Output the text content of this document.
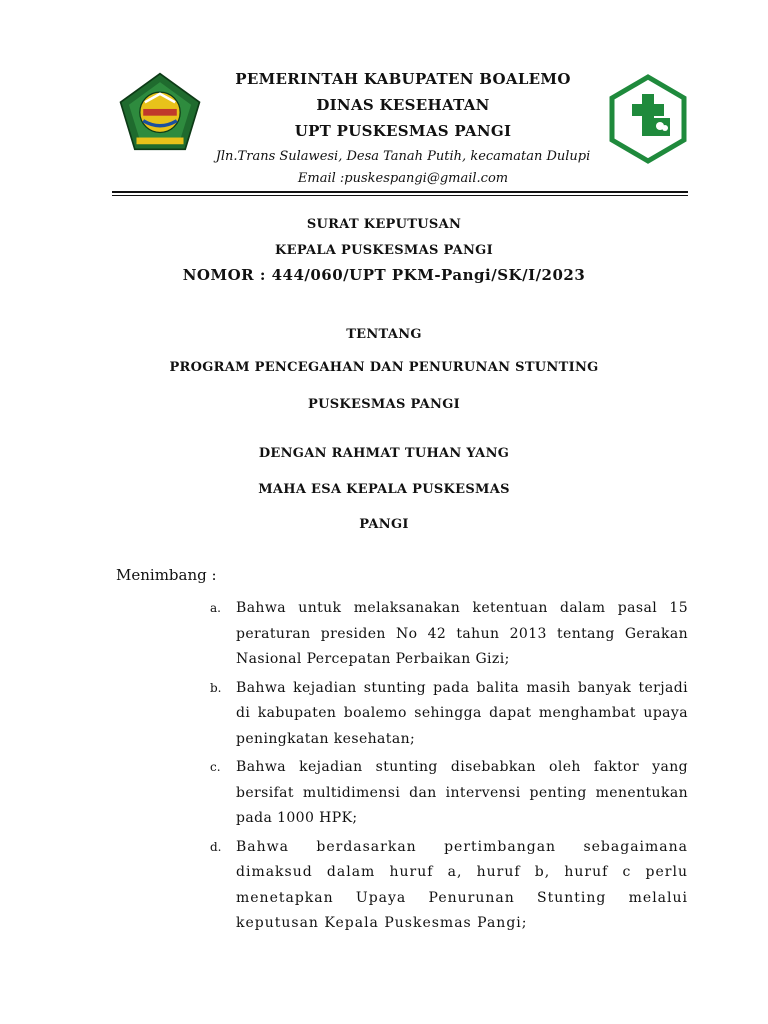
PEMERINTAH KABUPATEN BOALEMO
DINAS KESEHATAN
UPT PUSKESMAS PANGI
Jln.Trans Sulawesi, Desa Tanah Putih, kecamatan Dulupi
Email :puskespangi@gmail.com
SURAT KEPUTUSAN
KEPALA PUSKESMAS PANGI
NOMOR : 444/060/UPT PKM-Pangi/SK/I/2023
TENTANG
PROGRAM PENCEGAHAN DAN PENURUNAN STUNTING
PUSKESMAS PANGI
DENGAN RAHMAT TUHAN YANG
MAHA ESA KEPALA PUSKESMAS
PANGI
Menimbang :
a.	Bahwa untuk melaksanakan ketentuan dalam pasal 15 peraturan presiden No 42 tahun 2013 tentang Gerakan Nasional Percepatan Perbaikan Gizi;
b.	Bahwa kejadian stunting pada balita masih banyak terjadi di kabupaten boalemo sehingga dapat menghambat upaya peningkatan kesehatan;
c.	Bahwa kejadian stunting disebabkan oleh faktor yang bersifat multidimensi dan intervensi penting menentukan pada 1000 HPK;
d.	Bahwa berdasarkan pertimbangan sebagaimana dimaksud dalam huruf a, huruf b, huruf c perlu menetapkan Upaya Penurunan Stunting melalui keputusan Kepala Puskesmas Pangi;
